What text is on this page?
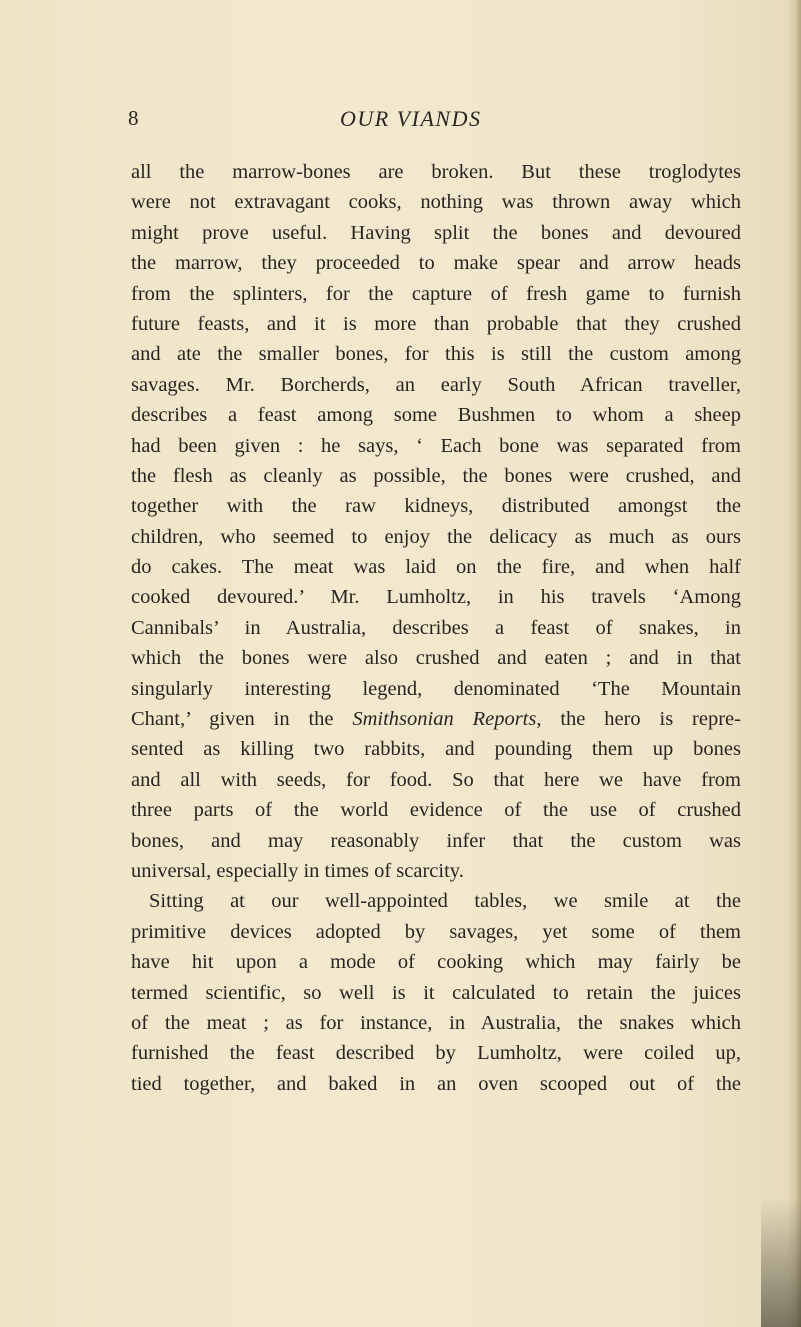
8	OUR VIANDS
all the marrow-bones are broken. But these troglodytes
were not extravagant cooks, nothing was thrown away which
might prove useful. Having split the bones and devoured
the marrow, they proceeded to make spear and arrow heads
from the splinters, for the capture of fresh game to furnish
future feasts, and it is more than probable that they crushed
and ate the smaller bones, for this is still the custom among
savages. Mr. Borcherds, an early South African traveller,
describes a feast among some Bushmen to whom a sheep
had been given : he says, ‘ Each bone was separated from
the flesh as cleanly as possible, the bones were crushed, and
together with the raw kidneys, distributed amongst the
children, who seemed to enjoy the delicacy as much as ours
do cakes. The meat was laid on the fire, and when half
cooked devoured.’ Mr. Lumholtz, in his travels ‘Among
Cannibals’ in Australia, describes a feast of snakes, in
which the bones were also crushed and eaten ; and in that
singularly interesting legend, denominated ‘The Mountain
Chant,’ given in the Smithsonian Reports, the hero is repre-
sented as killing two rabbits, and pounding them up bones
and all with seeds, for food. So that here we have from
three parts of the world evidence of the use of crushed
bones, and may reasonably infer that the custom was
universal, especially in times of scarcity.
Sitting at our well-appointed tables, we smile at the
primitive devices adopted by savages, yet some of them
have hit upon a mode of cooking which may fairly be
termed scientific, so well is it calculated to retain the juices
of the meat ; as for instance, in Australia, the snakes which
furnished the feast described by Lumholtz, were coiled up,
tied together, and baked in an oven scooped out of the
